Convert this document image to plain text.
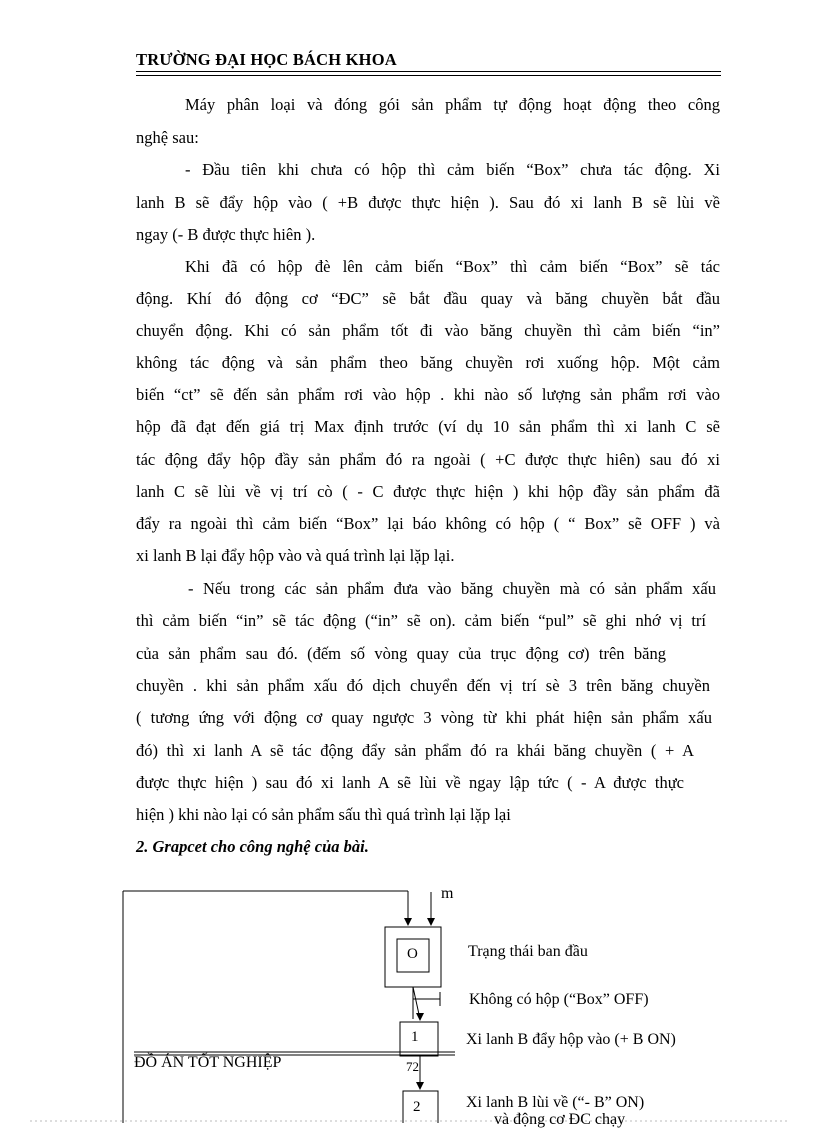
TRƯỜNG ĐẠI HỌC BÁCH KHOA
Máy phân loại và đóng gói sản phẩm tự động hoạt động theo công
nghệ sau:
- Đầu tiên khi chưa có hộp thì cảm biến “Box” chưa tác động. Xi
lanh B sẽ đẩy hộp vào ( +B được thực hiện ). Sau đó xi lanh B sẽ lùi về
ngay (- B được thực hiên ).
Khi đã có hộp đè lên cảm biến “Box” thì cảm biến “Box” sẽ tác
động. Khí đó động cơ “ĐC” sẽ bắt đầu quay và băng chuyền bắt đầu
chuyển động. Khi có sản phẩm tốt đi vào băng chuyền thì cảm biến “in”
không tác động và sản phẩm theo băng chuyền rơi xuống hộp. Một cảm
biến “ct” sẽ đến sản phẩm rơi vào hộp . khi nào số lượng sản phẩm rơi vào
hộp đã đạt đến giá trị Max định trước (ví dụ 10 sản phẩm thì xi lanh C sẽ
tác động đẩy hộp đầy sản phẩm đó ra ngoài ( +C được thực hiên) sau đó xi
lanh C sẽ lùi về vị trí cò ( - C được thực hiện ) khi hộp đầy sản phẩm đã
đẩy ra ngoài thì cảm biến “Box” lại báo không có hộp ( “ Box” sẽ OFF ) và
xi lanh B lại đẩy hộp vào và quá trình lại lặp lại.
- Nếu trong các sản phẩm đưa vào băng chuyền mà có sản phẩm xấu
thì cảm biến “in” sẽ tác động (“in” sẽ on). cảm biến “pul” sẽ ghi nhớ vị trí
của sản phẩm sau đó. (đếm số vòng quay của trục động cơ) trên băng
chuyền . khi sản phẩm xấu đó dịch chuyển đến vị trí sè 3 trên băng chuyền
( tương ứng với động cơ quay ngược 3 vòng từ khi phát hiện sản phẩm xấu
đó) thì xi lanh A sẽ tác động đẩy sản phẩm đó ra khái băng chuyền ( + A
được thực hiện ) sau đó xi lanh A sẽ lùi về ngay lập tức ( - A được thực
hiện ) khi nào lại có sản phẩm sấu thì quá trình lại lặp lại
2. Grapcet cho công nghệ của bài.
m
O	Trạng thái ban đầu
Không có hộp (“Box” OFF)
1	Xi lanh B đẩy hộp vào (+ B ON)
2	Xi lanh B lùi về (“- B” ON)
và động cơ ĐC chạy
ĐỒ ÁN TỐT NGHIỆP	72
